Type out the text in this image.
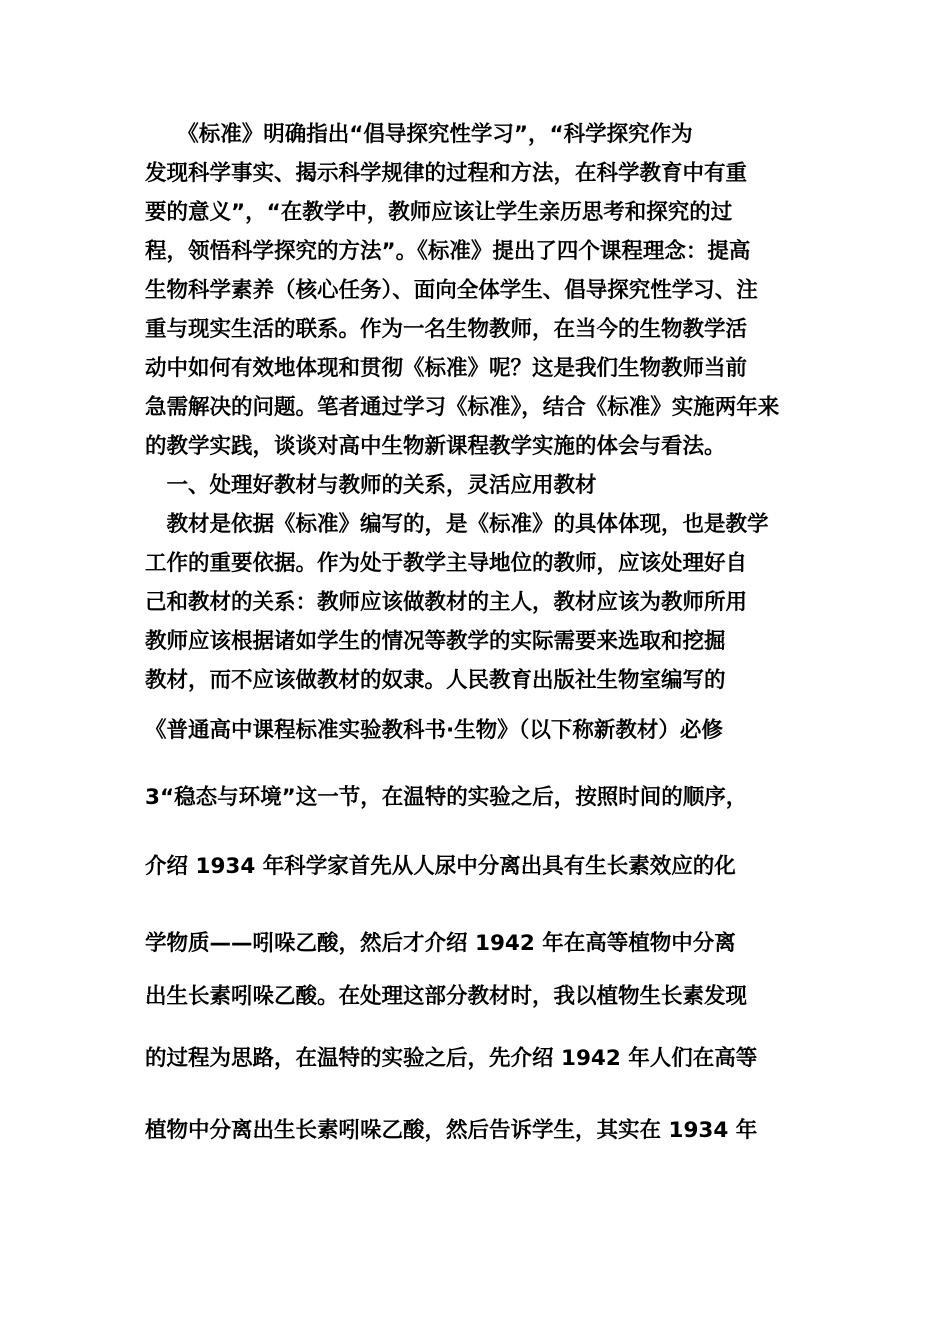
　　《标准》明确指出“倡导探究性学习”，“科学探究作为
发现科学事实、揭示科学规律的过程和方法，在科学教育中有重
要的意义”，“在教学中，教师应该让学生亲历思考和探究的过
程，领悟科学探究的方法”。《标准》提出了四个课程理念：提高
生物科学素养（核心任务）、面向全体学生、倡导探究性学习、注
重与现实生活的联系。作为一名生物教师，在当今的生物教学活
动中如何有效地体现和贯彻《标准》呢？这是我们生物教师当前
急需解决的问题。笔者通过学习《标准》，结合《标准》实施两年来
的教学实践，谈谈对高中生物新课程教学实施的体会与看法。
　一、处理好教材与教师的关系，灵活应用教材
　教材是依据《标准》编写的，是《标准》的具体体现，也是教学
工作的重要依据。作为处于教学主导地位的教师，应该处理好自
己和教材的关系：教师应该做教材的主人，教材应该为教师所用
教师应该根据诸如学生的情况等教学的实际需要来选取和挖掘
教材，而不应该做教材的奴隶。人民教育出版社生物室编写的
《普通高中课程标准实验教科书·生物》（以下称新教材）必修
3“稳态与环境”这一节，在温特的实验之后，按照时间的顺序，
介绍 1934 年科学家首先从人尿中分离出具有生长素效应的化
学物质——吲哚乙酸，然后才介绍 1942 年在高等植物中分离
出生长素吲哚乙酸。在处理这部分教材时，我以植物生长素发现
的过程为思路，在温特的实验之后，先介绍 1942 年人们在高等
植物中分离出生长素吲哚乙酸，然后告诉学生，其实在 1934 年
